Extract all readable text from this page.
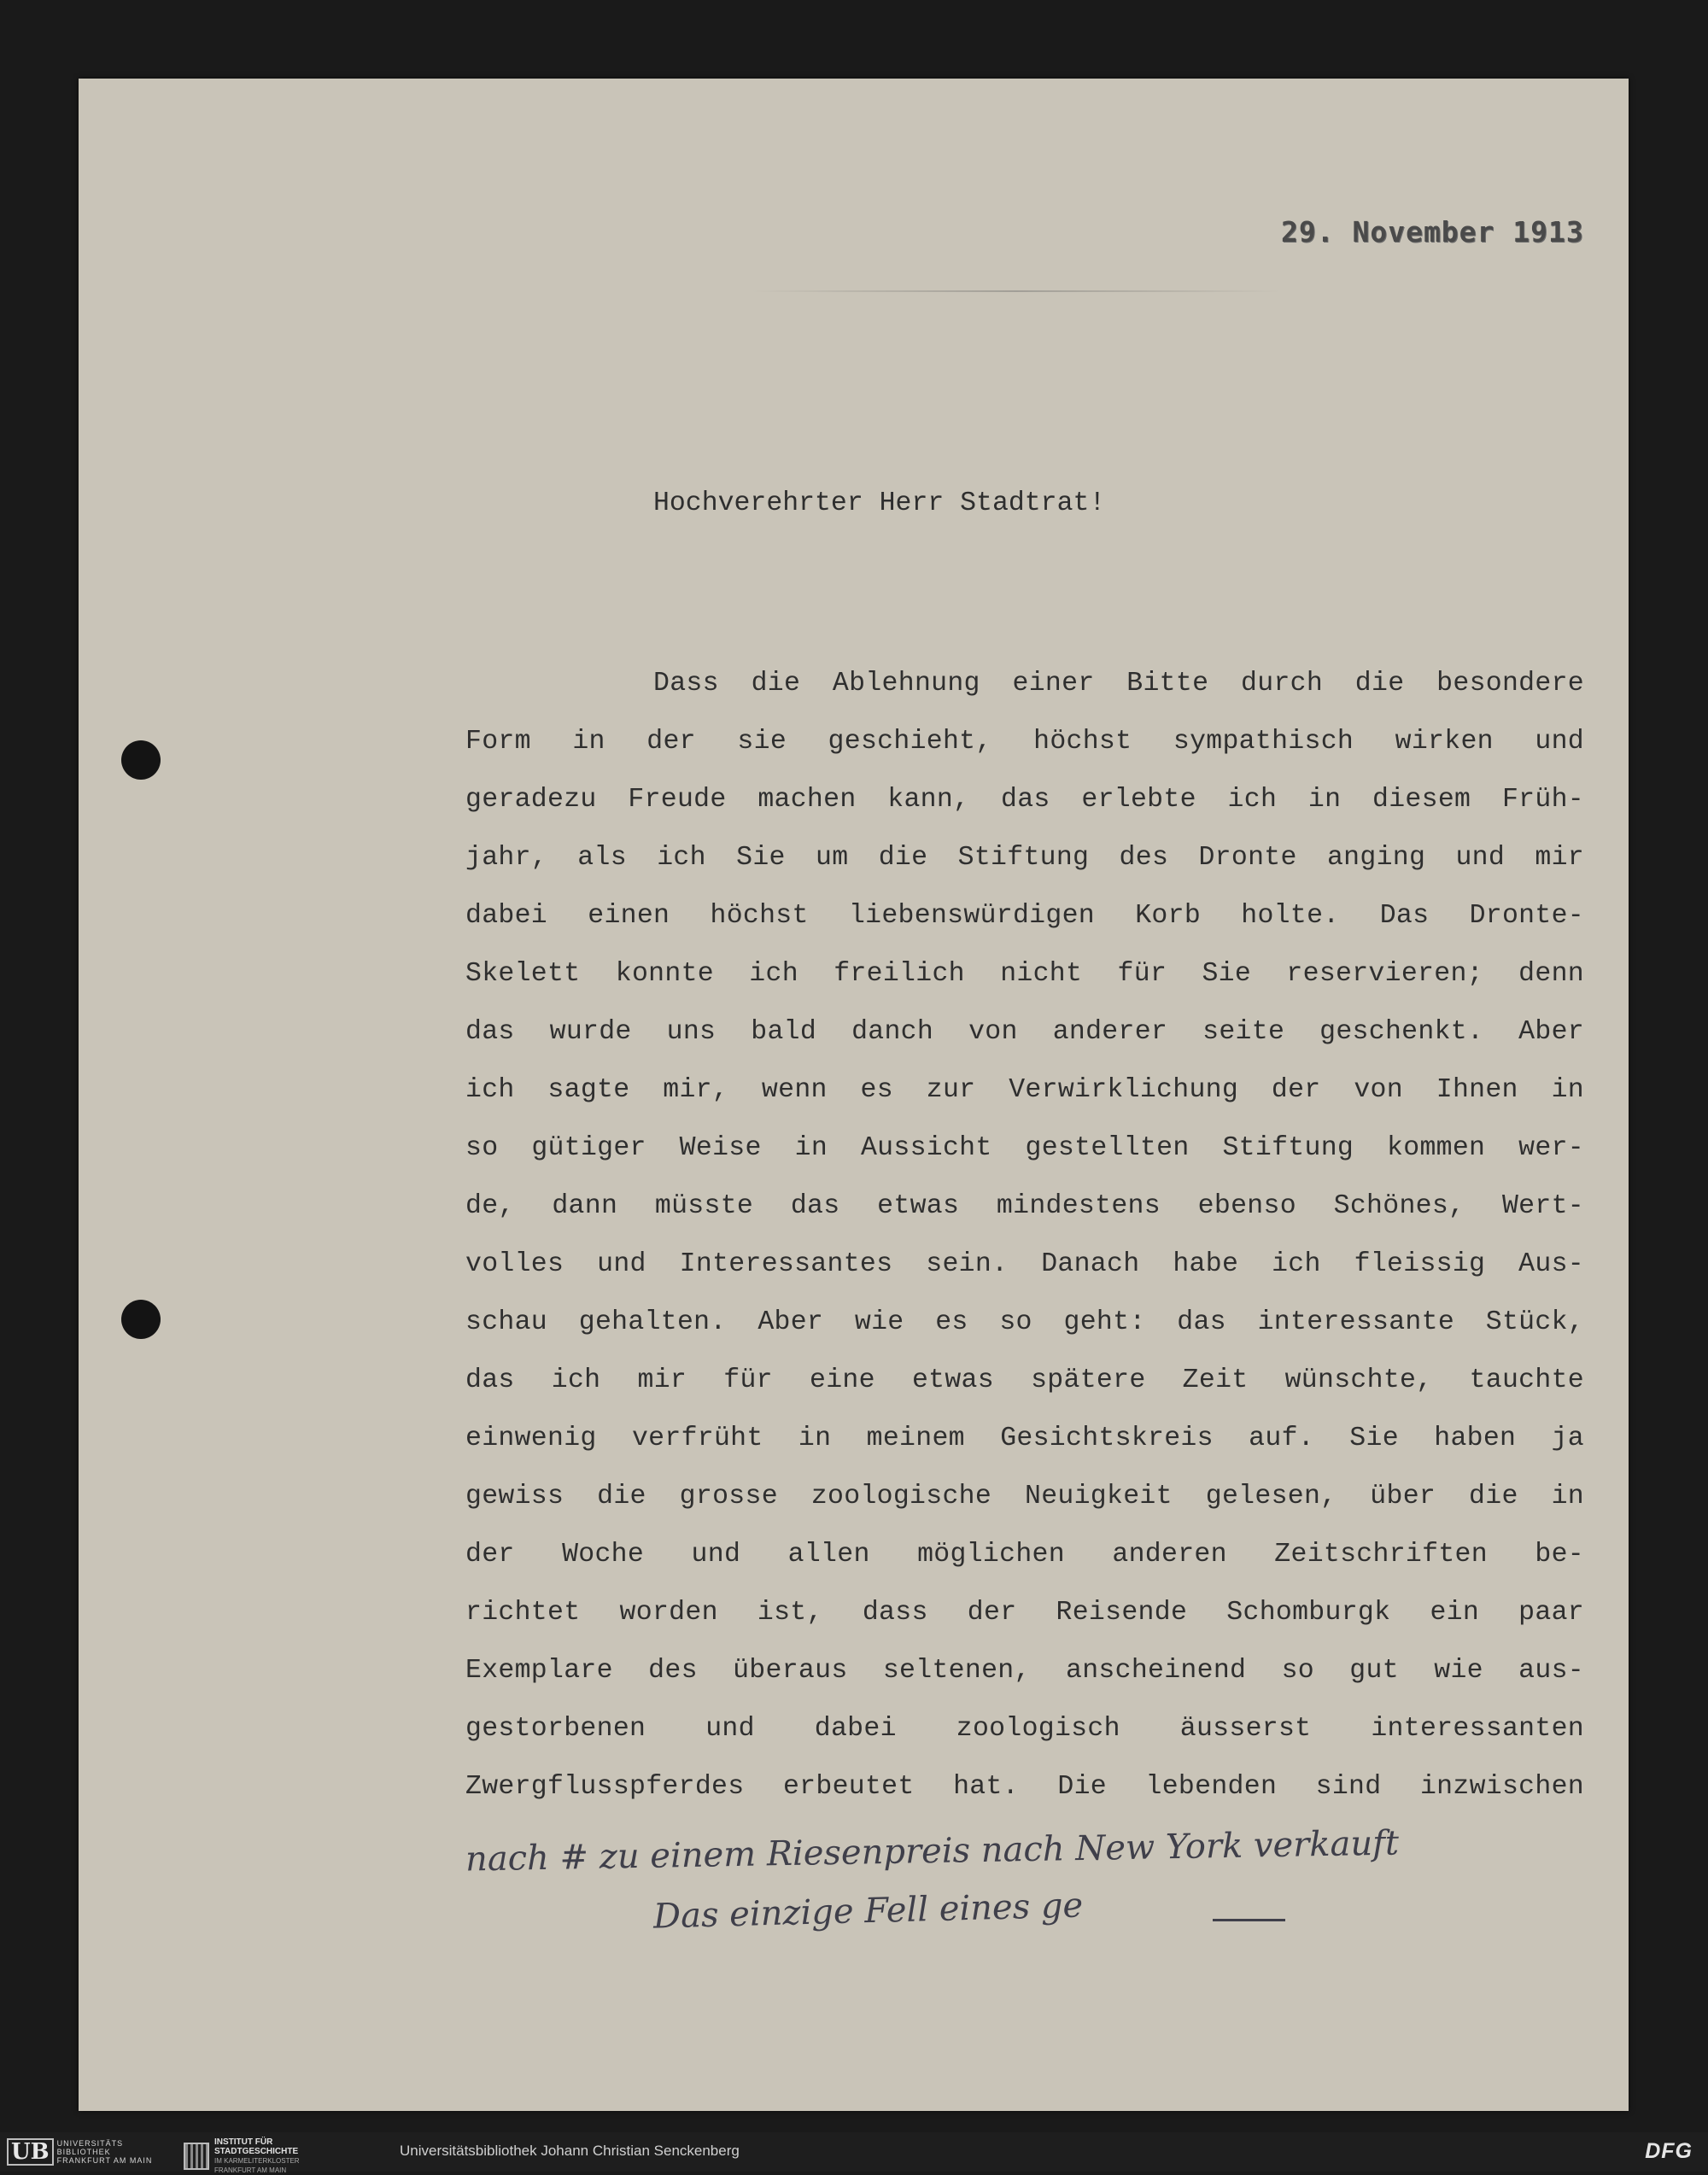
29. November 1913
Hochverehrter Herr Stadtrat!
Dass die Ablehnung einer Bitte durch die besondere
Form in der sie geschieht, höchst sympathisch wirken und
geradezu Freude machen kann, das erlebte ich in diesem Früh-
jahr, als ich Sie um die Stiftung des Dronte anging und mir
dabei einen höchst liebenswürdigen Korb holte. Das Dronte-
Skelett konnte ich freilich nicht für Sie reservieren; denn
das wurde uns bald danch von anderer seite geschenkt. Aber
ich sagte mir, wenn es zur Verwirklichung der von Ihnen in
so gütiger Weise in Aussicht gestellten Stiftung kommen wer-
de, dann müsste das etwas mindestens ebenso Schönes, Wert-
volles und Interessantes sein. Danach habe ich fleissig Aus-
schau gehalten. Aber wie es so geht: das interessante Stück,
das ich mir für eine etwas spätere Zeit wünschte, tauchte
einwenig verfrüht in meinem Gesichtskreis auf. Sie haben ja
gewiss die grosse zoologische Neuigkeit gelesen, über die in
der Woche und allen möglichen anderen Zeitschriften be-
richtet worden ist, dass der Reisende Schomburgk ein paar
Exemplare des überaus seltenen, anscheinend so gut wie aus-
gestorbenen und dabei zoologisch äusserst interessanten
Zwergflusspferdes erbeutet hat. Die lebenden sind inzwischen
nach # zu einem Riesenpreis nach New York verkauft
Das einzige Fell eines ge
UB	UNIVERSITÄTS
BIBLIOTHEK
FRANKFURT AM MAIN
INSTITUT FÜR
STADTGESCHICHTE
IM KARMELITERKLOSTER
FRANKFURT AM MAIN
Universitätsbibliothek Johann Christian Senckenberg	DFG
